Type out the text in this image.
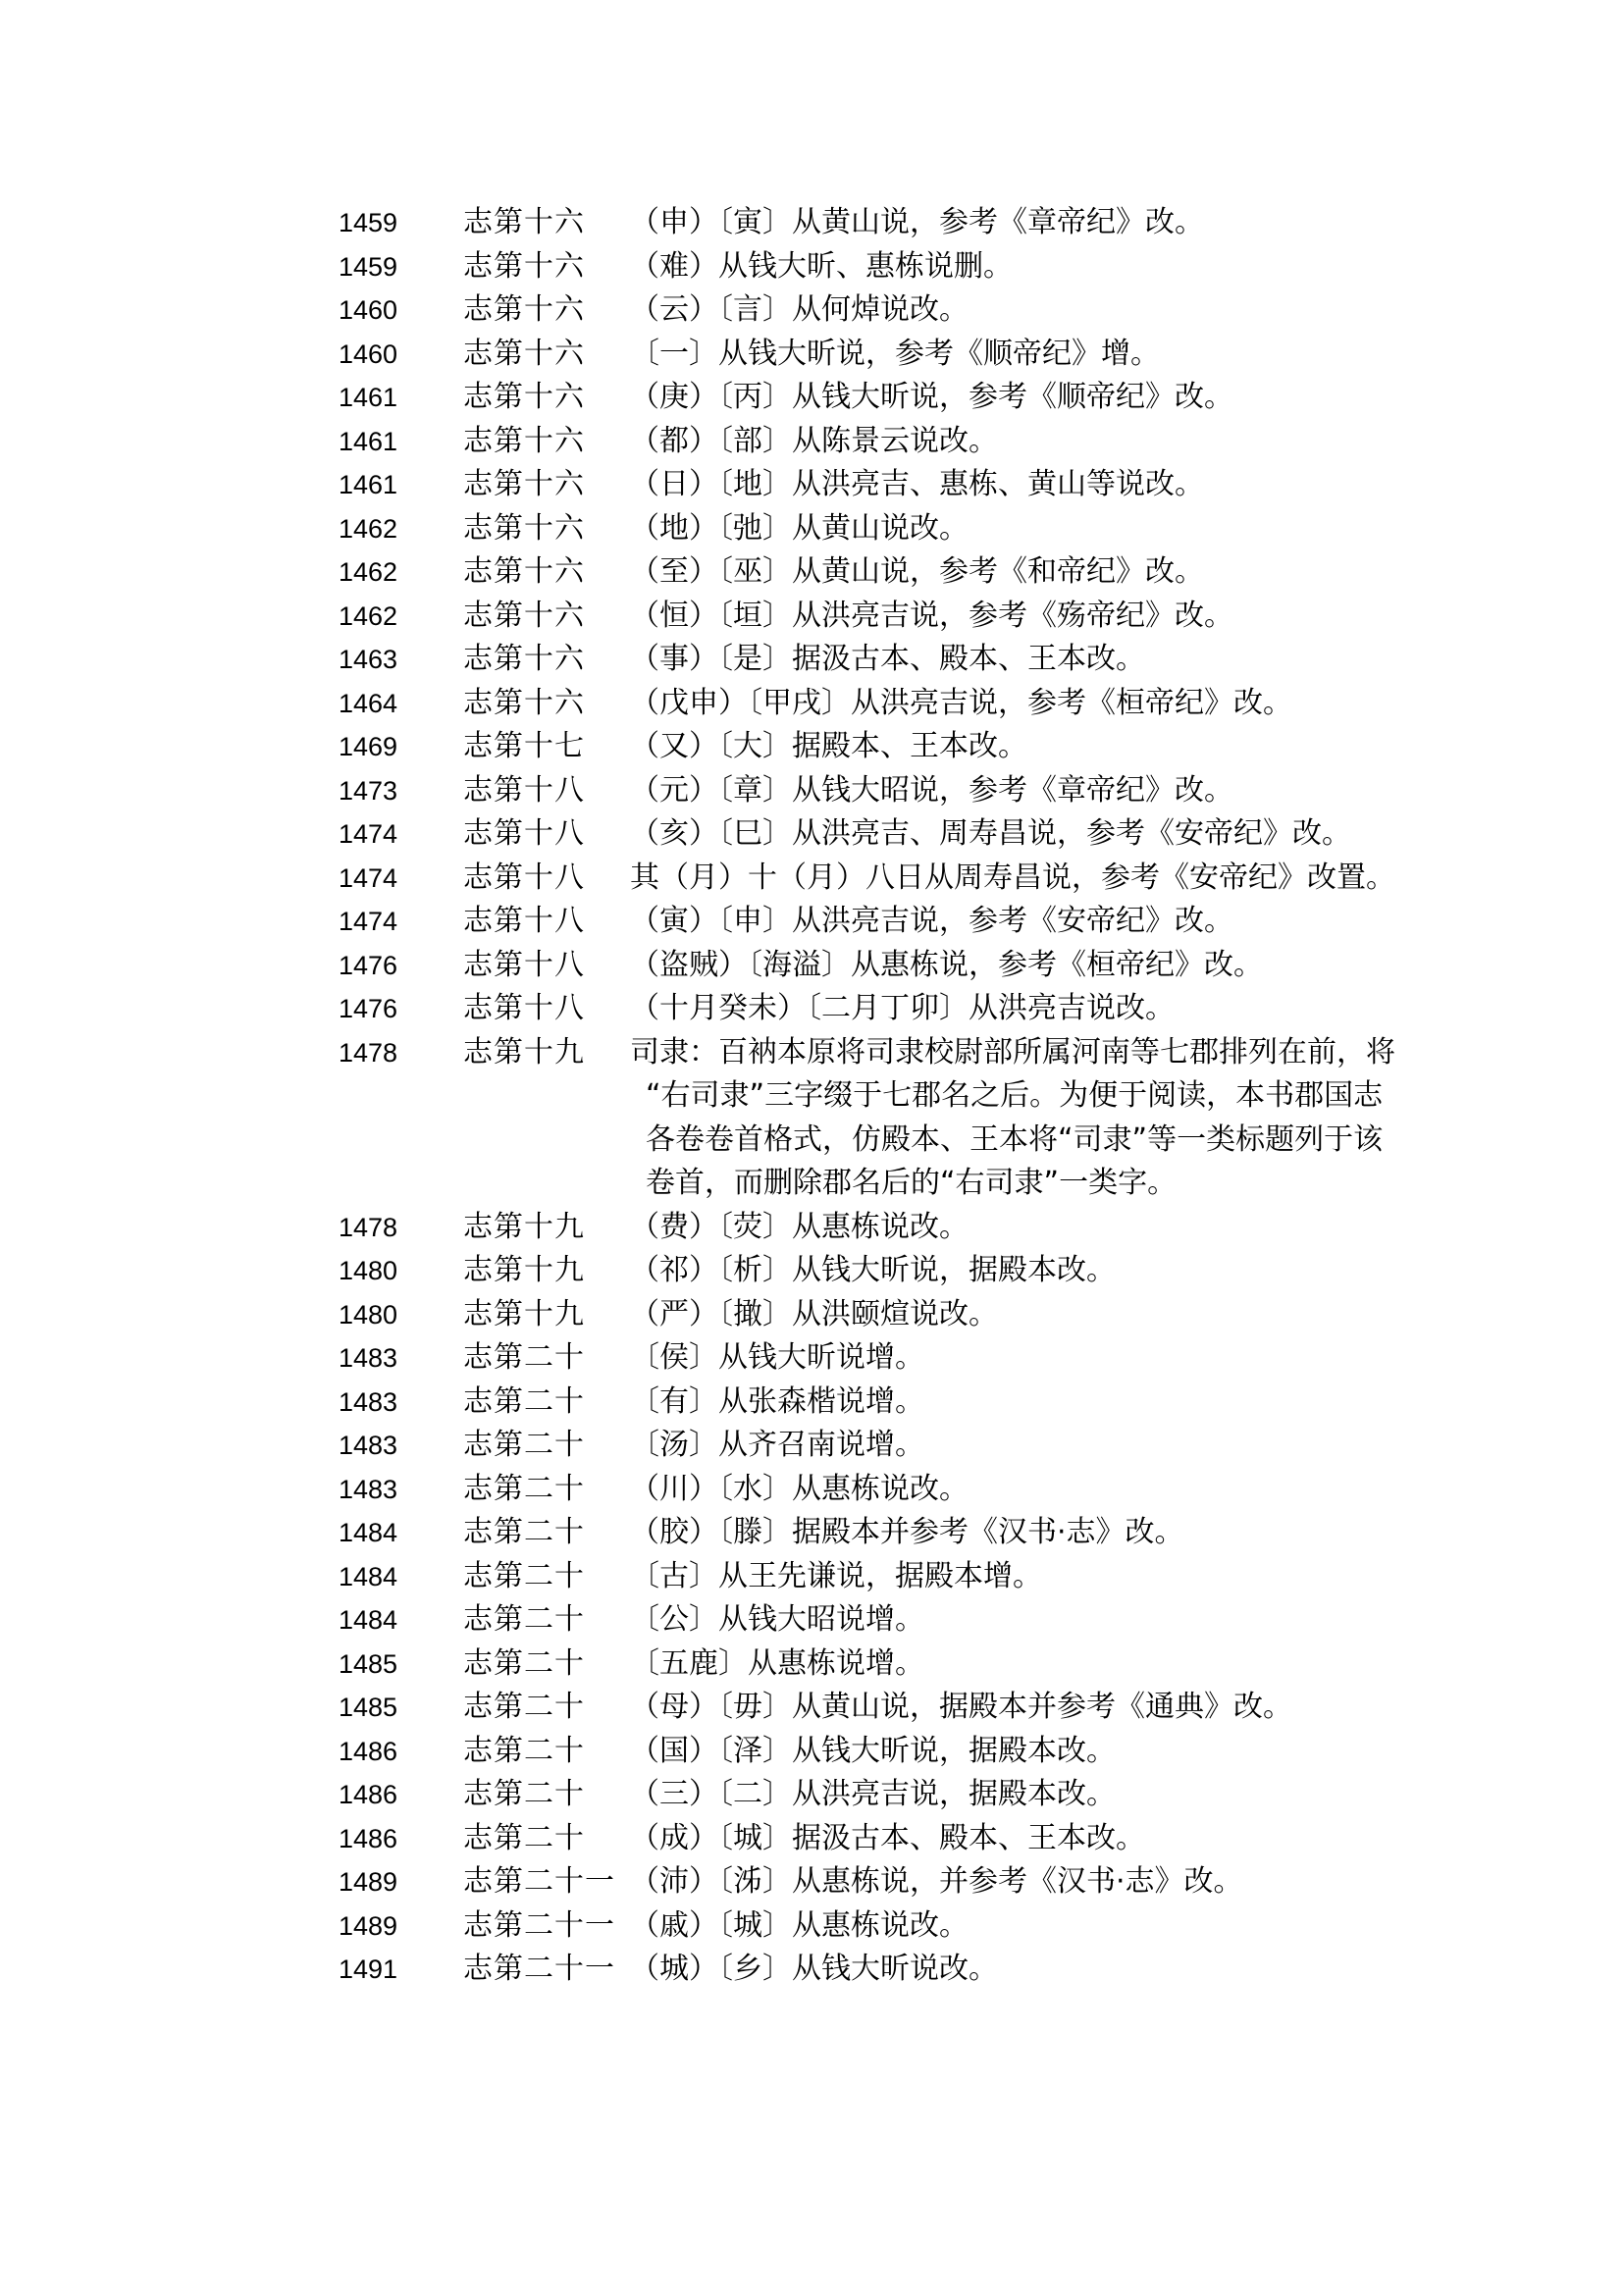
1459	志第十六	（申）〔寅〕从黄山说，参考《章帝纪》改。
1459	志第十六	（难）从钱大昕、惠栋说删。
1460	志第十六	（云）〔言〕从何焯说改。
1460	志第十六	〔一〕从钱大昕说，参考《顺帝纪》增。
1461	志第十六	（庚）〔丙〕从钱大昕说，参考《顺帝纪》改。
1461	志第十六	（都）〔部〕从陈景云说改。
1461	志第十六	（日）〔地〕从洪亮吉、惠栋、黄山等说改。
1462	志第十六	（地）〔弛〕从黄山说改。
1462	志第十六	（至）〔巫〕从黄山说，参考《和帝纪》改。
1462	志第十六	（恒）〔垣〕从洪亮吉说，参考《殇帝纪》改。
1463	志第十六	（事）〔是〕据汲古本、殿本、王本改。
1464	志第十六	（戊申）〔甲戌〕从洪亮吉说，参考《桓帝纪》改。
1469	志第十七	（又）〔大〕据殿本、王本改。
1473	志第十八	（元）〔章〕从钱大昭说，参考《章帝纪》改。
1474	志第十八	（亥）〔巳〕从洪亮吉、周寿昌说，参考《安帝纪》改。
1474	志第十八	其（月）十（月）八日从周寿昌说，参考《安帝纪》改置。
1474	志第十八	（寅）〔申〕从洪亮吉说，参考《安帝纪》改。
1476	志第十八	（盗贼）〔海溢〕从惠栋说，参考《桓帝纪》改。
1476	志第十八	（十月癸未）〔二月丁卯〕从洪亮吉说改。
1478	志第十九	司隶：百衲本原将司隶校尉部所属河南等七郡排列在前，将“右司隶”三字缀于七郡名之后。为便于阅读，本书郡国志各卷卷首格式，仿殿本、王本将“司隶”等一类标题列于该卷首，而删除郡名后的“右司隶”一类字。
1478	志第十九	（费）〔荧〕从惠栋说改。
1480	志第十九	（祁）〔析〕从钱大昕说，据殿本改。
1480	志第十九	（严）〔撖〕从洪颐煊说改。
1483	志第二十	〔侯〕从钱大昕说增。
1483	志第二十	〔有〕从张森楷说增。
1483	志第二十	〔汤〕从齐召南说增。
1483	志第二十	（川）〔水〕从惠栋说改。
1484	志第二十	（胶）〔滕〕据殿本并参考《汉书·志》改。
1484	志第二十	〔古〕从王先谦说，据殿本增。
1484	志第二十	〔公〕从钱大昭说增。
1485	志第二十	〔五鹿〕从惠栋说增。
1485	志第二十	（母）〔毋〕从黄山说，据殿本并参考《通典》改。
1486	志第二十	（国）〔泽〕从钱大昕说，据殿本改。
1486	志第二十	（三）〔二〕从洪亮吉说，据殿本改。
1486	志第二十	（成）〔城〕据汲古本、殿本、王本改。
1489	志第二十一 （沛）〔泲〕从惠栋说，并参考《汉书·志》改。
1489	志第二十一 （戚）〔城〕从惠栋说改。
1491	志第二十一 （城）〔乡〕从钱大昕说改。
